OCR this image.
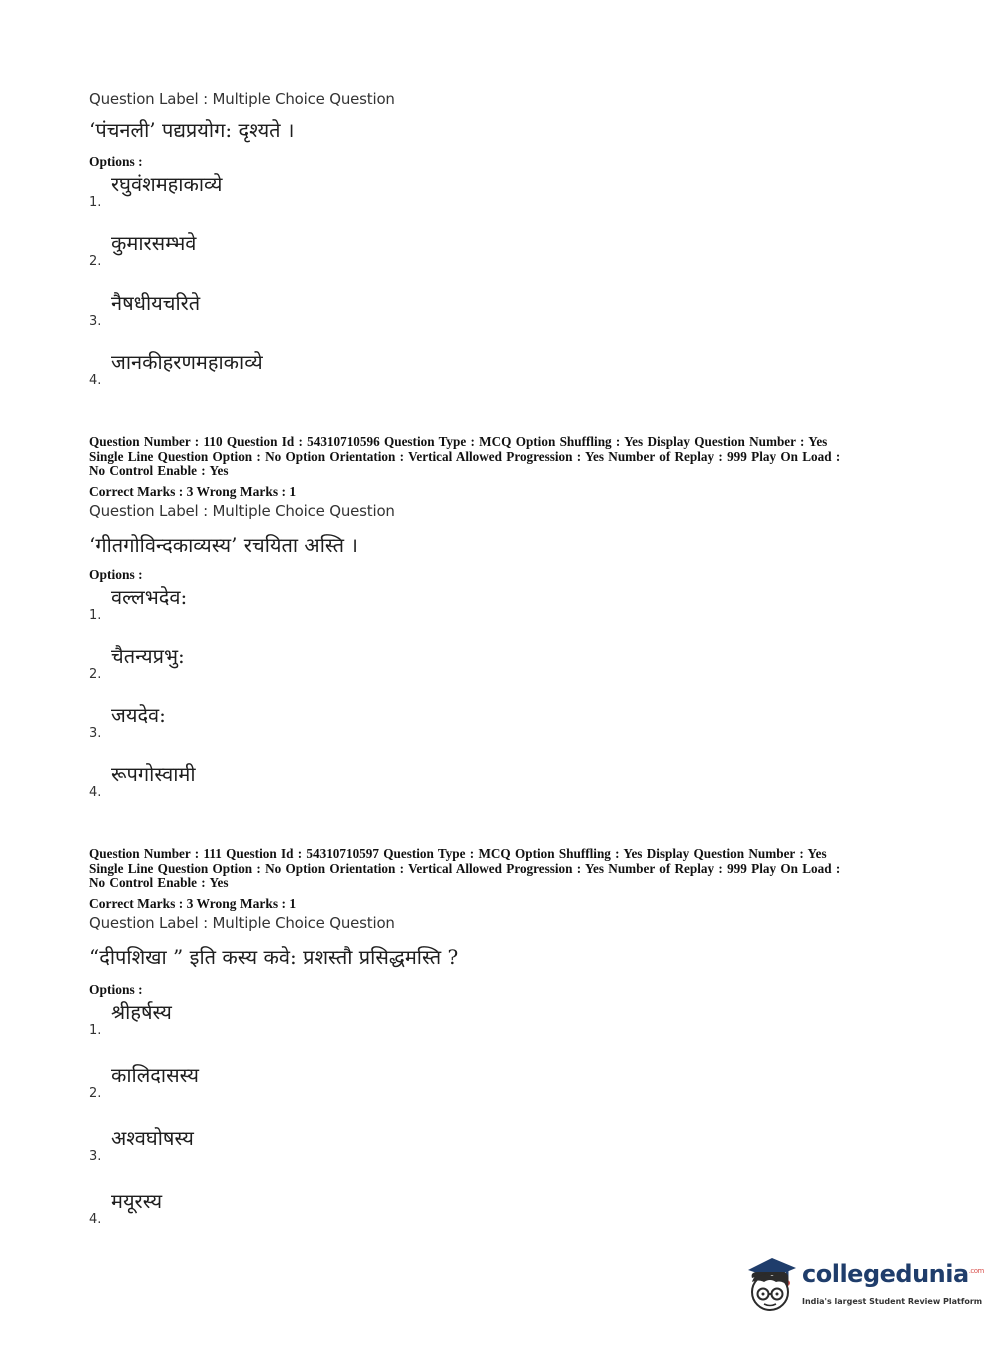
Question Label : Multiple Choice Question
‘पंचनली’ पद्यप्रयोग: दृश्यते ।
Options :
1.
रघुवंशमहाकाव्ये
2.
कुमारसम्भवे
3.
नैषधीयचरिते
4.
जानकीहरणमहाकाव्ये
Question Number : 110 Question Id : 54310710596 Question Type : MCQ Option Shuffling : Yes Display Question Number : Yes
Single Line Question Option : No Option Orientation : Vertical Allowed Progression : Yes Number of Replay : 999 Play On Load :
No Control Enable : Yes
Correct Marks : 3 Wrong Marks : 1
Question Label : Multiple Choice Question
‘गीतगोविन्दकाव्यस्य’ रचयिता अस्ति ।
Options :
1.
वल्लभदेव:
2.
चैतन्यप्रभु:
3.
जयदेव:
4.
रूपगोस्वामी
Question Number : 111 Question Id : 54310710597 Question Type : MCQ Option Shuffling : Yes Display Question Number : Yes
Single Line Question Option : No Option Orientation : Vertical Allowed Progression : Yes Number of Replay : 999 Play On Load :
No Control Enable : Yes
Correct Marks : 3 Wrong Marks : 1
Question Label : Multiple Choice Question
“दीपशिखा ” इति कस्य कवे: प्रशस्तौ प्रसिद्धमस्ति ?
Options :
1.
श्रीहर्षस्य
2.
कालिदासस्य
3.
अश्वघोषस्य
4.
मयूरस्य
collegedunia$^{.com}$
India's largest Student Review Platform
